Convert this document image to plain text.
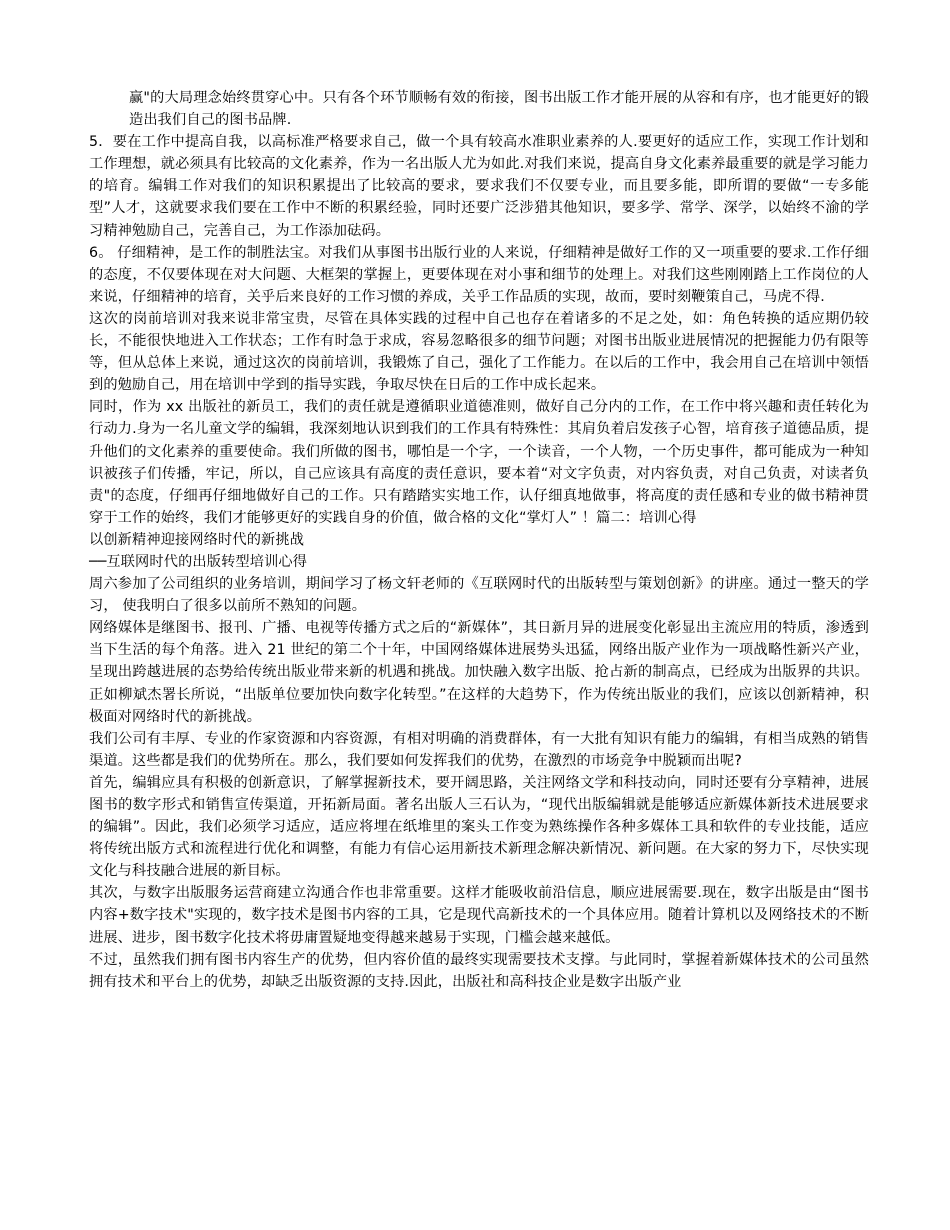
赢"的大局理念始终贯穿心中。只有各个环节顺畅有效的衔接，图书出版工作才能开展的从容和有序，也才能更好的锻造出我们自己的图书品牌.

5．要在工作中提高自我，以高标准严格要求自己，做一个具有较高水准职业素养的人.要更好的适应工作，实现工作计划和工作理想，就必须具有比较高的文化素养，作为一名出版人尤为如此.对我们来说，提高自身文化素养最重要的就是学习能力的培育。编辑工作对我们的知识积累提出了比较高的要求，要求我们不仅要专业，而且要多能，即所谓的要做“一专多能型”人才，这就要求我们要在工作中不断的积累经验，同时还要广泛涉猎其他知识，要多学、常学、深学，以始终不渝的学习精神勉励自己，完善自己，为工作添加砝码。

6。 仔细精神，是工作的制胜法宝。对我们从事图书出版行业的人来说，仔细精神是做好工作的又一项重要的要求.工作仔细的态度，不仅要体现在对大问题、大框架的掌握上，更要体现在对小事和细节的处理上。对我们这些刚刚踏上工作岗位的人来说，仔细精神的培育，关乎后来良好的工作习惯的养成，关乎工作品质的实现，故而，要时刻鞭策自己，马虎不得.

这次的岗前培训对我来说非常宝贵，尽管在具体实践的过程中自己也存在着诸多的不足之处，如：角色转换的适应期仍较长，不能很快地进入工作状态；工作有时急于求成，容易忽略很多的细节问题；对图书出版业进展情况的把握能力仍有限等等，但从总体上来说，通过这次的岗前培训，我锻炼了自己，强化了工作能力。在以后的工作中，我会用自己在培训中领悟到的勉励自己，用在培训中学到的指导实践，争取尽快在日后的工作中成长起来。

同时，作为 xx 出版社的新员工，我们的责任就是遵循职业道德准则，做好自己分内的工作，在工作中将兴趣和责任转化为行动力.身为一名儿童文学的编辑，我深刻地认识到我们的工作具有特殊性：其肩负着启发孩子心智，培育孩子道德品质，提升他们的文化素养的重要使命。我们所做的图书，哪怕是一个字，一个读音，一个人物，一个历史事件，都可能成为一种知识被孩子们传播，牢记，所以，自己应该具有高度的责任意识，要本着“对文字负责，对内容负责，对自己负责，对读者负责"的态度，仔细再仔细地做好自己的工作。只有踏踏实实地工作，认仔细真地做事，将高度的责任感和专业的做书精神贯穿于工作的始终，我们才能够更好的实践自身的价值，做合格的文化“掌灯人” ！篇二：培训心得

以创新精神迎接网络时代的新挑战

──互联网时代的出版转型培训心得

周六参加了公司组织的业务培训，期间学习了杨文轩老师的《互联网时代的出版转型与策划创新》的讲座。通过一整天的学习， 使我明白了很多以前所不熟知的问题。

网络媒体是继图书、报刊、广播、电视等传播方式之后的“新媒体”，其日新月异的进展变化彰显出主流应用的特质，渗透到当下生活的每个角落。进入 21 世纪的第二个十年，中国网络媒体进展势头迅猛，网络出版产业作为一项战略性新兴产业，呈现出跨越进展的态势给传统出版业带来新的机遇和挑战。加快融入数字出版、抢占新的制高点，已经成为出版界的共识。正如柳斌杰署长所说，“出版单位要加快向数字化转型。”在这样的大趋势下，作为传统出版业的我们，应该以创新精神，积极面对网络时代的新挑战。

我们公司有丰厚、专业的作家资源和内容资源，有相对明确的消费群体，有一大批有知识有能力的编辑，有相当成熟的销售渠道。这些都是我们的优势所在。那么，我们要如何发挥我们的优势，在激烈的市场竞争中脱颖而出呢?

首先，编辑应具有积极的创新意识，了解掌握新技术，要开阔思路，关注网络文学和科技动向，同时还要有分享精神，进展图书的数字形式和销售宣传渠道，开拓新局面。著名出版人三石认为，“现代出版编辑就是能够适应新媒体新技术进展要求的编辑”。因此，我们必须学习适应，适应将埋在纸堆里的案头工作变为熟练操作各种多媒体工具和软件的专业技能，适应将传统出版方式和流程进行优化和调整，有能力有信心运用新技术新理念解决新情况、新问题。在大家的努力下，尽快实现文化与科技融合进展的新目标。

其次，与数字出版服务运营商建立沟通合作也非常重要。这样才能吸收前沿信息，顺应进展需要.现在，数字出版是由“图书内容+数字技术"实现的，数字技术是图书内容的工具，它是现代高新技术的一个具体应用。随着计算机以及网络技术的不断进展、进步，图书数字化技术将毋庸置疑地变得越来越易于实现，门槛会越来越低。

不过，虽然我们拥有图书内容生产的优势，但内容价值的最终实现需要技术支撑。与此同时，掌握着新媒体技术的公司虽然拥有技术和平台上的优势，却缺乏出版资源的支持.因此，出版社和高科技企业是数字出版产业
